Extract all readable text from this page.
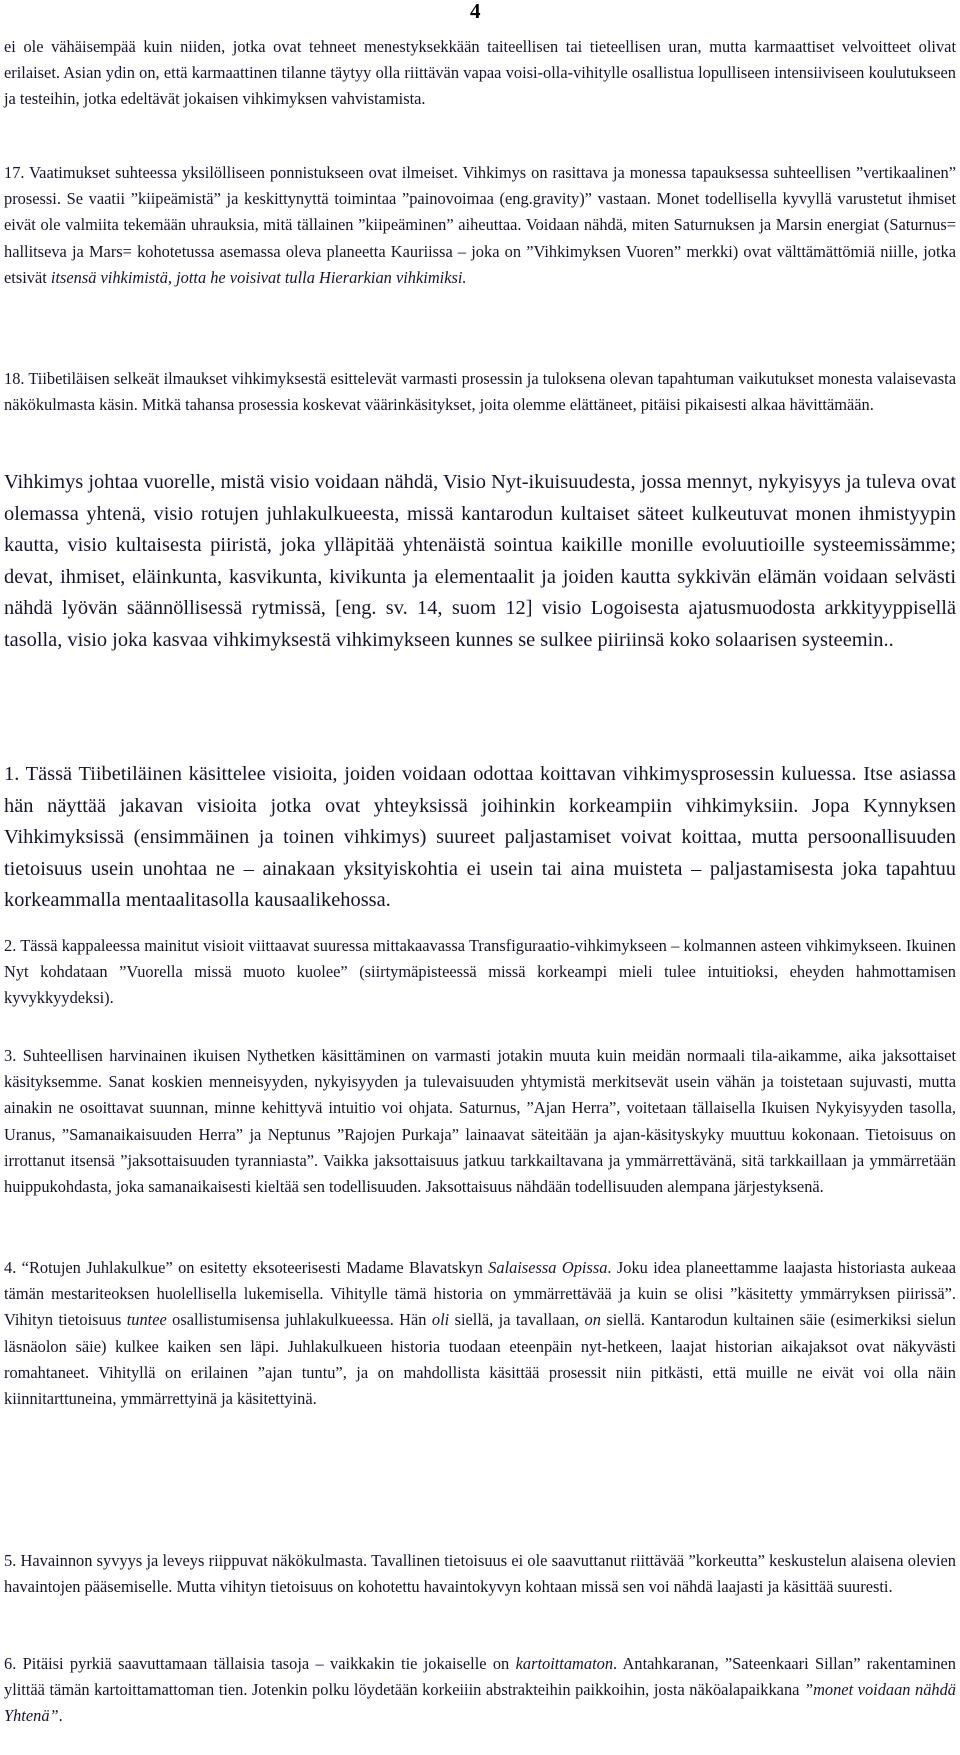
4

ei ole vähäisempää kuin niiden, jotka ovat tehneet menestyksekkään taiteellisen tai tieteellisen uran, mutta karmaattiset velvoitteet olivat erilaiset. Asian ydin on, että karmaattinen tilanne täytyy olla riittävän vapaa voisi-olla-vihitylle osallistua lopulliseen intensiiviseen koulutukseen ja testeihin, jotka edeltävät jokaisen vihkimyksen vahvistamista.

17. Vaatimukset suhteessa yksilölliseen ponnistukseen ovat ilmeiset. Vihkimys on rasittava ja monessa tapauksessa suhteellisen ”vertikaalinen” prosessi. Se vaatii ”kiipeämistä” ja keskittynyttä toimintaa ”painovoimaa (eng.gravity)” vastaan. Monet todellisella kyvyllä varustetut ihmiset eivät ole valmiita tekemään uhrauksia, mitä tällainen ”kiipeäminen” aiheuttaa. Voidaan nähdä, miten Saturnuksen ja Marsin energiat (Saturnus= hallitseva ja Mars= kohotetussa asemassa oleva planeetta Kauriissa – joka on ”Vihkimyksen Vuoren” merkki) ovat välttämättömiä niille, jotka etsivät itsensä vihkimistä, jotta he voisivat tulla Hierarkian vihkimiksi.

18. Tiibetiläisen selkeät ilmaukset vihkimyksestä esittelevät varmasti prosessin ja tuloksena olevan tapahtuman vaikutukset monesta valaisevasta näkökulmasta käsin. Mitkä tahansa prosessia koskevat väärinkäsitykset, joita olemme elättäneet, pitäisi pikaisesti alkaa hävittämään.

Vihkimys johtaa vuorelle, mistä visio voidaan nähdä, Visio Nyt-ikuisuudesta, jossa mennyt, nykyisyys ja tuleva ovat olemassa yhtenä, visio rotujen juhlakulkueesta, missä kantarodun kultaiset säteet kulkeutuvat monen ihmistyypin kautta, visio kultaisesta piiristä, joka ylläpitää yhtenäistä sointua kaikille monille evoluutioille systeemissämme; devat, ihmiset, eläinkunta, kasvikunta, kivikunta ja elementaalit ja joiden kautta sykkivän elämän voidaan selvästi nähdä lyövän säännöllisessä rytmissä, [eng. sv. 14, suom 12] visio Logoisesta ajatusmuodosta arkkityyppisellä tasolla, visio joka kasvaa vihkimyksestä vihkimykseen kunnes se sulkee piiriinsä koko solaarisen systeemin..

1. Tässä Tiibetiläinen käsittelee visioita, joiden voidaan odottaa koittavan vihkimysprosessin kuluessa. Itse asiassa hän näyttää jakavan visioita jotka ovat yhteyksissä joihinkin korkeampiin vihkimyksiin. Jopa Kynnyksen Vihkimyksissä (ensimmäinen ja toinen vihkimys) suureet paljastamiset voivat koittaa, mutta persoonallisuuden tietoisuus usein unohtaa ne – ainakaan yksityiskohtia ei usein tai aina muisteta – paljastamisesta joka tapahtuu korkeammalla mentaalitasolla kausaalikehossa.

2. Tässä kappaleessa mainitut visioit viittaavat suuressa mittakaavassa Transfiguraatio-vihkimykseen – kolmannen asteen vihkimykseen. Ikuinen Nyt kohdataan ”Vuorella missä muoto kuolee” (siirtymäpisteessä missä korkeampi mieli tulee intuitioksi, eheyden hahmottamisen kyvykkyydeksi).

3. Suhteellisen harvinainen ikuisen Nythetken käsittäminen on varmasti jotakin muuta kuin meidän normaali tila-aikamme, aika jaksottaiset käsityksemme. Sanat koskien menneisyyden, nykyisyyden ja tulevaisuuden yhtymistä merkitsevät usein vähän ja toistetaan sujuvasti, mutta ainakin ne osoittavat suunnan, minne kehittyvä intuitio voi ohjata. Saturnus, ”Ajan Herra”, voitetaan tällaisella Ikuisen Nykyisyyden tasolla, Uranus, ”Samanaikaisuuden Herra” ja Neptunus ”Rajojen Purkaja” lainaavat säteitään ja ajan-käsityskyky muuttuu kokonaan. Tietoisuus on irrottanut itsensä ”jaksottaisuuden tyranniasta”. Vaikka jaksottaisuus jatkuu tarkkailtavana ja ymmärrettävänä, sitä tarkkaillaan ja ymmärretään huippukohdasta, joka samanaikaisesti kieltää sen todellisuuden. Jaksottaisuus nähdään todellisuuden alempana järjestyksenä.

4. “Rotujen Juhlakulkue” on esitetty eksoteerisesti Madame Blavatskyn Salaisessa Opissa. Joku idea planeettamme laajasta historiasta aukeaa tämän mestariteoksen huolellisella lukemisella. Vihitylle tämä historia on ymmärrettävää ja kuin se olisi ”käsitetty ymmärryksen piirissä”. Vihityn tietoisuus tuntee osallistumisensa juhlakulkueessa. Hän oli siellä, ja tavallaan, on siellä. Kantarodun kultainen säie (esimerkiksi sielun läsnäolon säie) kulkee kaiken sen läpi. Juhlakulkueen historia tuodaan eteenpäin nyt-hetkeen, laajat historian aikajaksot ovat näkyvästi romahtaneet. Vihityllä on erilainen ”ajan tuntu”, ja on mahdollista käsittää prosessit niin pitkästi, että muille ne eivät voi olla näin kiinnitarttuneina, ymmärrettyinä ja käsitettyinä.

5. Havainnon syvyys ja leveys riippuvat näkökulmasta. Tavallinen tietoisuus ei ole saavuttanut riittävää ”korkeutta” keskustelun alaisena olevien havaintojen pääsemiselle. Mutta vihityn tietoisuus on kohotettu havaintokyvyn kohtaan missä sen voi nähdä laajasti ja käsittää suuresti.

6. Pitäisi pyrkiä saavuttamaan tällaisia tasoja – vaikkakin tie jokaiselle on kartoittamaton. Antahkaranan, ”Sateenkaari Sillan” rakentaminen ylittää tämän kartoittamattoman tien. Jotenkin polku löydetään korkeiiin abstrakteihin paikkoihin, josta näköalapaikkana ”monet voidaan nähdä Yhtenä”.
